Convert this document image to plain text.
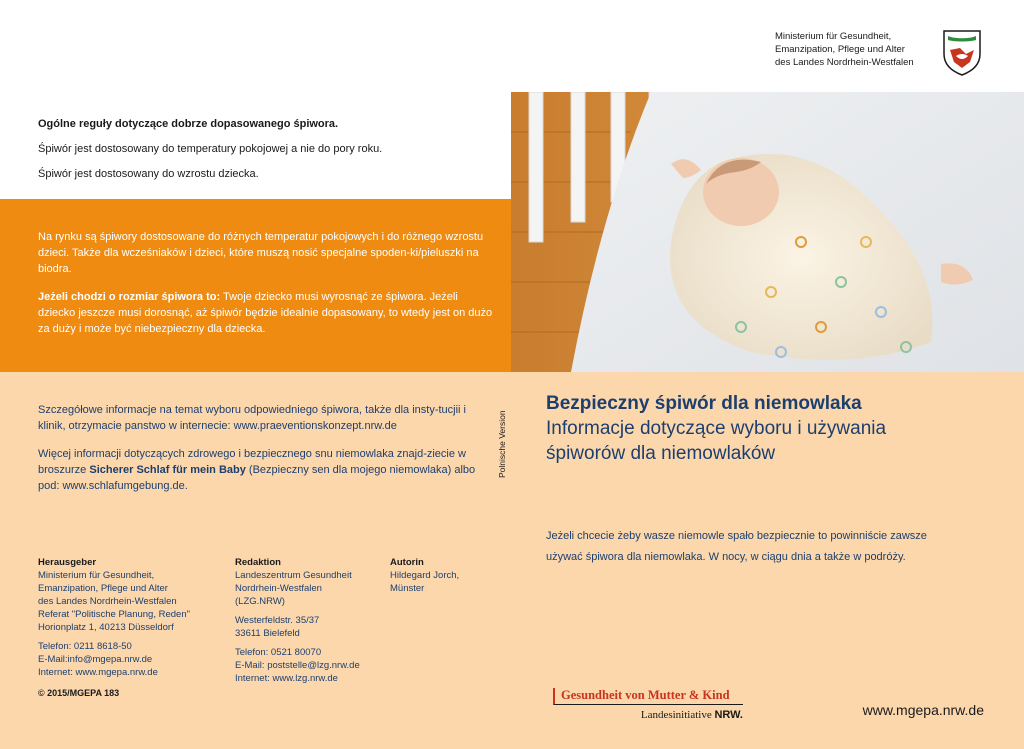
Ministerium für Gesundheit,
Emanzipation, Pflege und Alter
des Landes Nordrhein-Westfalen

Ogólne reguły dotyczące dobrze dopasowanego śpiwora.

Śpiwór jest dostosowany do temperatury pokojowej a nie do pory roku.

Śpiwór jest dostosowany do wzrostu dziecka.

Na rynku są śpiwory dostosowane do różnych temperatur pokojowych i do różnego wzrostu dzieci. Także dla wcześniaków i dzieci, które muszą nosić specjalne spoden-ki/pieluszki na biodra.

Jeżeli chodzi o rozmiar śpiwora to: Twoje dziecko musi wyrosnąć ze śpiwora. Jeżeli dziecko jeszcze musi dorosnąć, aż śpiwór będzie idealnie dopasowany, to wtedy jest on dużo za duży i może być niebezpieczny dla dziecka.

Szczegółowe informacje na temat wyboru odpowiedniego śpiwora, także dla insty-tucjii i klinik, otrzymacie panstwo w internecie: www.praeventionskonzept.nrw.de

Więcej informacji dotyczących zdrowego i bezpiecznego snu niemowlaka znajd-ziecie w broszurze Sicherer Schlaf für mein Baby (Bezpieczny sen dla mojego niemowlaka) albo pod: www.schlafumgebung.de.

Polnische Version
Bezpieczny śpiwór dla niemowlaka
Informacje dotyczące wyboru i używania
śpiworów dla niemowlaków
Jeżeli chcecie żeby wasze niemowle spało bezpiecznie to powinniście zawsze
używać śpiwora dla niemowlaka. W nocy, w ciągu dnia a także w podróży.
Herausgeber

Ministerium für Gesundheit,
Emanzipation, Pflege und Alter
des Landes Nordrhein-Westfalen
Referat "Politische Planung, Reden"
Horionplatz 1, 40213 Düsseldorf

Telefon: 0211 8618-50
E-Mail:info@mgepa.nrw.de
Internet: www.mgepa.nrw.de

Redaktion

Landeszentrum Gesundheit
Nordrhein-Westfalen
(LZG.NRW)

Westerfeldstr. 35/37
33611 Bielefeld

Telefon: 0521 80070
E-Mail: poststelle@lzg.nrw.de
Internet: www.lzg.nrw.de

Autorin

Hildegard Jorch,
Münster

© 2015/MGEPA 183	Gesundheit von Mutter & Kind
Landesinitiative NRW.	www.mgepa.nrw.de
